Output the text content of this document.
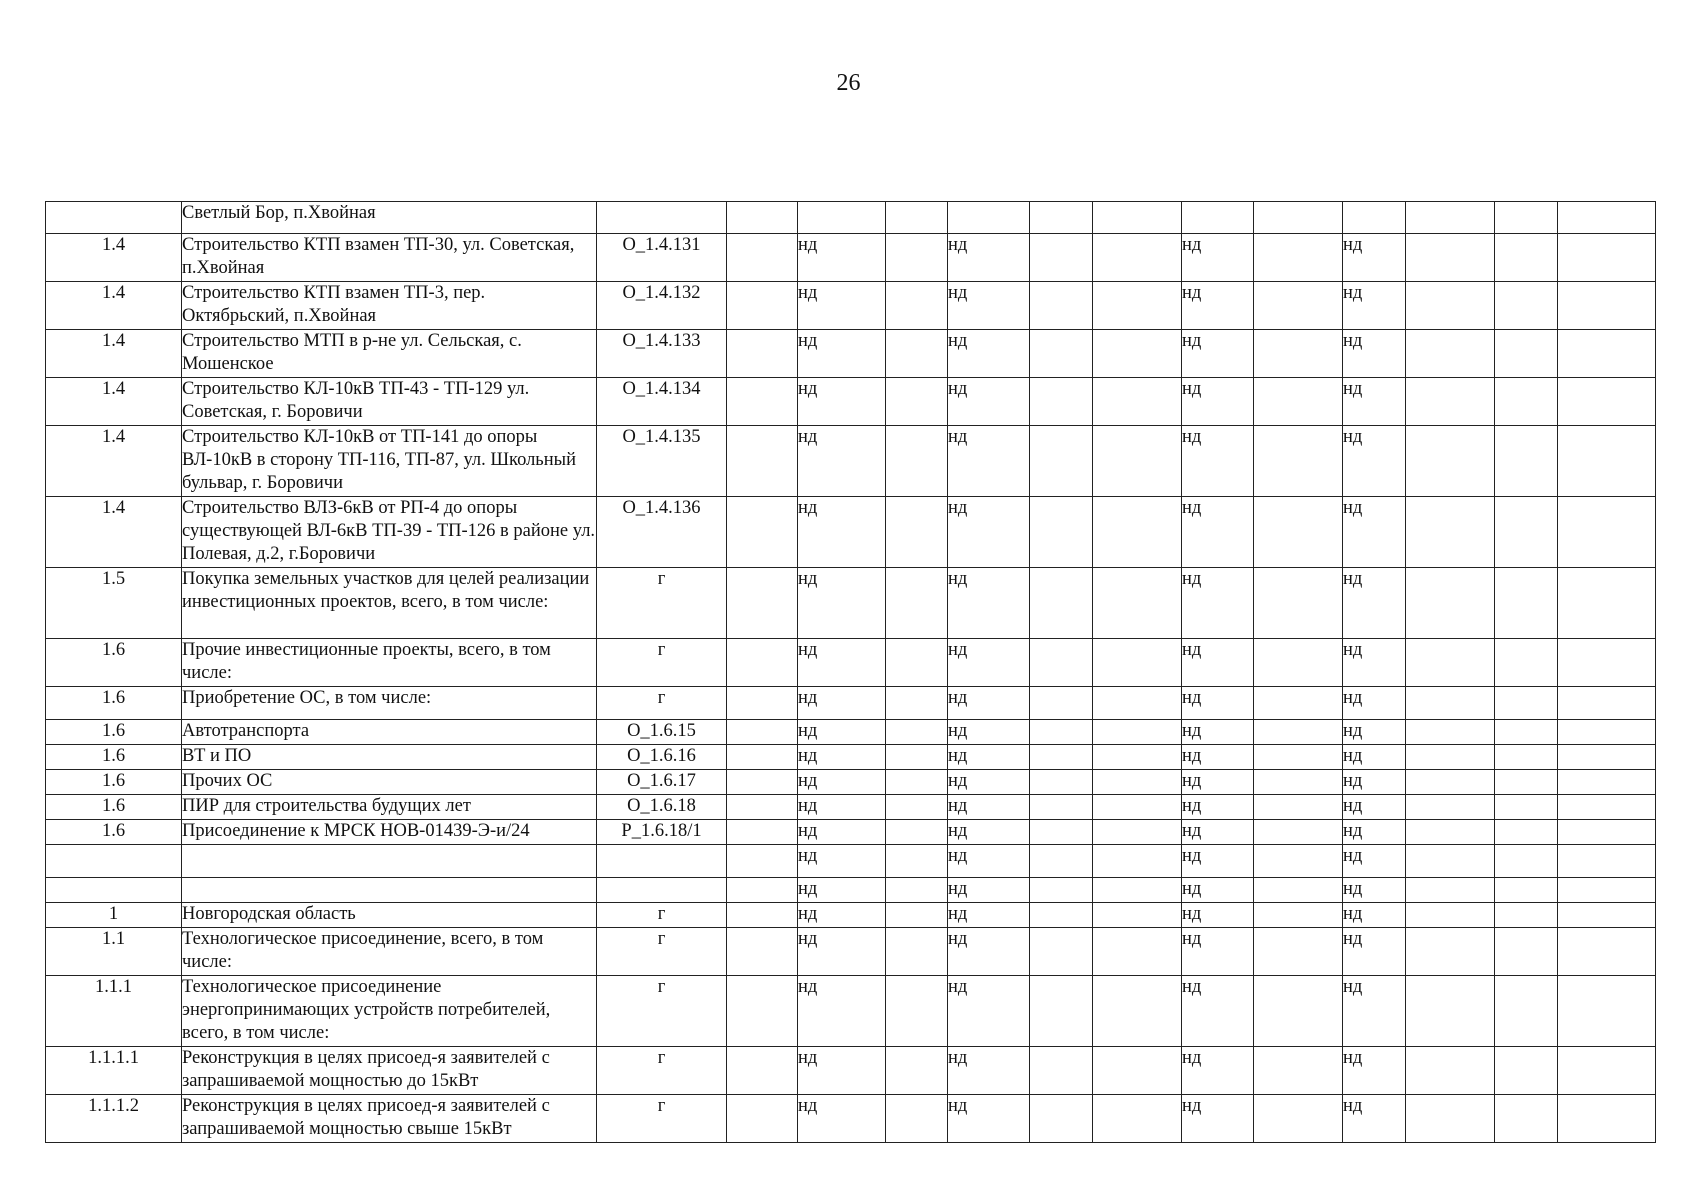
26
	Светлый Бор, п.Хвойная													
1.4	Строительство КТП взамен ТП-30, ул. Советская, п.Хвойная	О_1.4.131		нд		нд			нд		нд			
1.4	Строительство КТП взамен ТП-3, пер. Октябрьский, п.Хвойная	О_1.4.132		нд		нд			нд		нд			
1.4	Строительство МТП в р-не ул. Сельская, с. Мошенское	О_1.4.133		нд		нд			нд		нд			
1.4	Строительство КЛ-10кВ ТП-43 - ТП-129 ул. Советская, г. Боровичи	О_1.4.134		нд		нд			нд		нд			
1.4	Строительство КЛ-10кВ от ТП-141 до опоры ВЛ-10кВ в сторону ТП-116, ТП-87, ул. Школьный бульвар, г. Боровичи	О_1.4.135		нд		нд			нд		нд			
1.4	Строительство ВЛЗ-6кВ от РП-4 до опоры существующей ВЛ-6кВ ТП-39 - ТП-126 в районе ул. Полевая, д.2, г.Боровичи	О_1.4.136		нд		нд			нд		нд			
1.5	Покупка земельных участков для целей реализации инвестиционных проектов, всего, в том числе:	г		нд		нд			нд		нд			
1.6	Прочие инвестиционные проекты, всего, в том числе:	г		нд		нд			нд		нд			
1.6	Приобретение ОС, в том числе:	г		нд		нд			нд		нд			
1.6	Автотранспорта	О_1.6.15		нд		нд			нд		нд			
1.6	ВТ и ПО	О_1.6.16		нд		нд			нд		нд			
1.6	Прочих ОС	О_1.6.17		нд		нд			нд		нд			
1.6	ПИР для строительства будущих лет	О_1.6.18		нд		нд			нд		нд			
1.6	Присоединение к МРСК НОВ-01439-Э-и/24	Р_1.6.18/1		нд		нд			нд		нд			
				нд		нд			нд		нд			
				нд		нд			нд		нд			
1	Новгородская область	г		нд		нд			нд		нд			
1.1	Технологическое присоединение, всего, в том числе:	г		нд		нд			нд		нд			
1.1.1	Технологическое присоединение энергопринимающих устройств потребителей, всего, в том числе:	г		нд		нд			нд		нд			
1.1.1.1	Реконструкция в целях присоед-я заявителей с запрашиваемой мощностью до 15кВт	г		нд		нд			нд		нд			
1.1.1.2	Реконструкция в целях присоед-я заявителей с запрашиваемой мощностью свыше 15кВт	г		нд		нд			нд		нд			
